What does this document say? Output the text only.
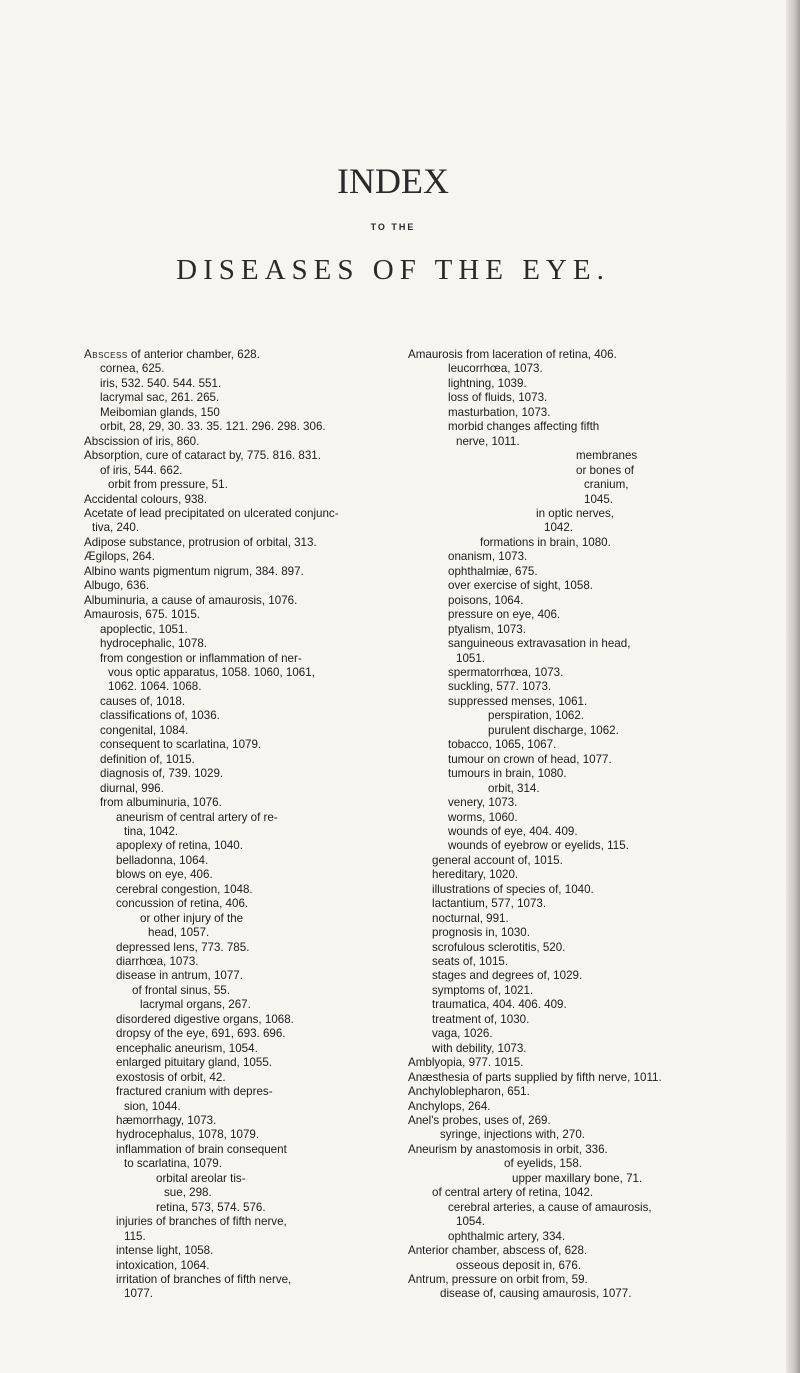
INDEX
TO THE
DISEASES OF THE EYE.
Abscess of anterior chamber, 628.
cornea, 625.
iris, 532. 540. 544. 551.
lacrymal sac, 261. 265.
Meibomian glands, 150
orbit, 28, 29, 30. 33. 35. 121. 296. 298. 306.
Abscission of iris, 860.
Absorption, cure of cataract by, 775. 816. 831.
of iris, 544. 662.
orbit from pressure, 51.
Accidental colours, 938.
Acetate of lead precipitated on ulcerated conjunc-
tiva, 240.
Adipose substance, protrusion of orbital, 313.
Ægilops, 264.
Albino wants pigmentum nigrum, 384. 897.
Albugo, 636.
Albuminuria, a cause of amaurosis, 1076.
Amaurosis, 675. 1015.
apoplectic, 1051.
hydrocephalic, 1078.
from congestion or inflammation of ner-
vous optic apparatus, 1058. 1060, 1061,
1062. 1064. 1068.
causes of, 1018.
classifications of, 1036.
congenital, 1084.
consequent to scarlatina, 1079.
definition of, 1015.
diagnosis of, 739. 1029.
diurnal, 996.
from albuminuria, 1076.
aneurism of central artery of re-
tina, 1042.
apoplexy of retina, 1040.
belladonna, 1064.
blows on eye, 406.
cerebral congestion, 1048.
concussion of retina, 406.
or other injury of the
head, 1057.
depressed lens, 773. 785.
diarrhœa, 1073.
disease in antrum, 1077.
of frontal sinus, 55.
lacrymal organs, 267.
disordered digestive organs, 1068.
dropsy of the eye, 691, 693. 696.
encephalic aneurism, 1054.
enlarged pituitary gland, 1055.
exostosis of orbit, 42.
fractured cranium with depres-
sion, 1044.
hæmorrhagy, 1073.
hydrocephalus, 1078, 1079.
inflammation of brain consequent
to scarlatina, 1079.
orbital areolar tis-
sue, 298.
retina, 573, 574. 576.
injuries of branches of fifth nerve,
115.
intense light, 1058.
intoxication, 1064.
irritation of branches of fifth nerve,
1077.
Amaurosis from laceration of retina, 406.
leucorrhœa, 1073.
lightning, 1039.
loss of fluids, 1073.
masturbation, 1073.
morbid changes affecting fifth
nerve, 1011.
membranes
or bones of
cranium,
1045.
in optic nerves,
1042.
formations in brain, 1080.
onanism, 1073.
ophthalmiæ, 675.
over exercise of sight, 1058.
poisons, 1064.
pressure on eye, 406.
ptyalism, 1073.
sanguineous extravasation in head,
1051.
spermatorrhœa, 1073.
suckling, 577. 1073.
suppressed menses, 1061.
perspiration, 1062.
purulent discharge, 1062.
tobacco, 1065, 1067.
tumour on crown of head, 1077.
tumours in brain, 1080.
orbit, 314.
venery, 1073.
worms, 1060.
wounds of eye, 404. 409.
wounds of eyebrow or eyelids, 115.
general account of, 1015.
hereditary, 1020.
illustrations of species of, 1040.
lactantium, 577, 1073.
nocturnal, 991.
prognosis in, 1030.
scrofulous sclerotitis, 520.
seats of, 1015.
stages and degrees of, 1029.
symptoms of, 1021.
traumatica, 404. 406. 409.
treatment of, 1030.
vaga, 1026.
with debility, 1073.
Amblyopia, 977. 1015.
Anæsthesia of parts supplied by fifth nerve, 1011.
Anchyloblepharon, 651.
Anchylops, 264.
Anel's probes, uses of, 269.
syringe, injections with, 270.
Aneurism by anastomosis in orbit, 336.
of eyelids, 158.
upper maxillary bone, 71.
of central artery of retina, 1042.
cerebral arteries, a cause of amaurosis,
1054.
ophthalmic artery, 334.
Anterior chamber, abscess of, 628.
osseous deposit in, 676.
Antrum, pressure on orbit from, 59.
disease of, causing amaurosis, 1077.
